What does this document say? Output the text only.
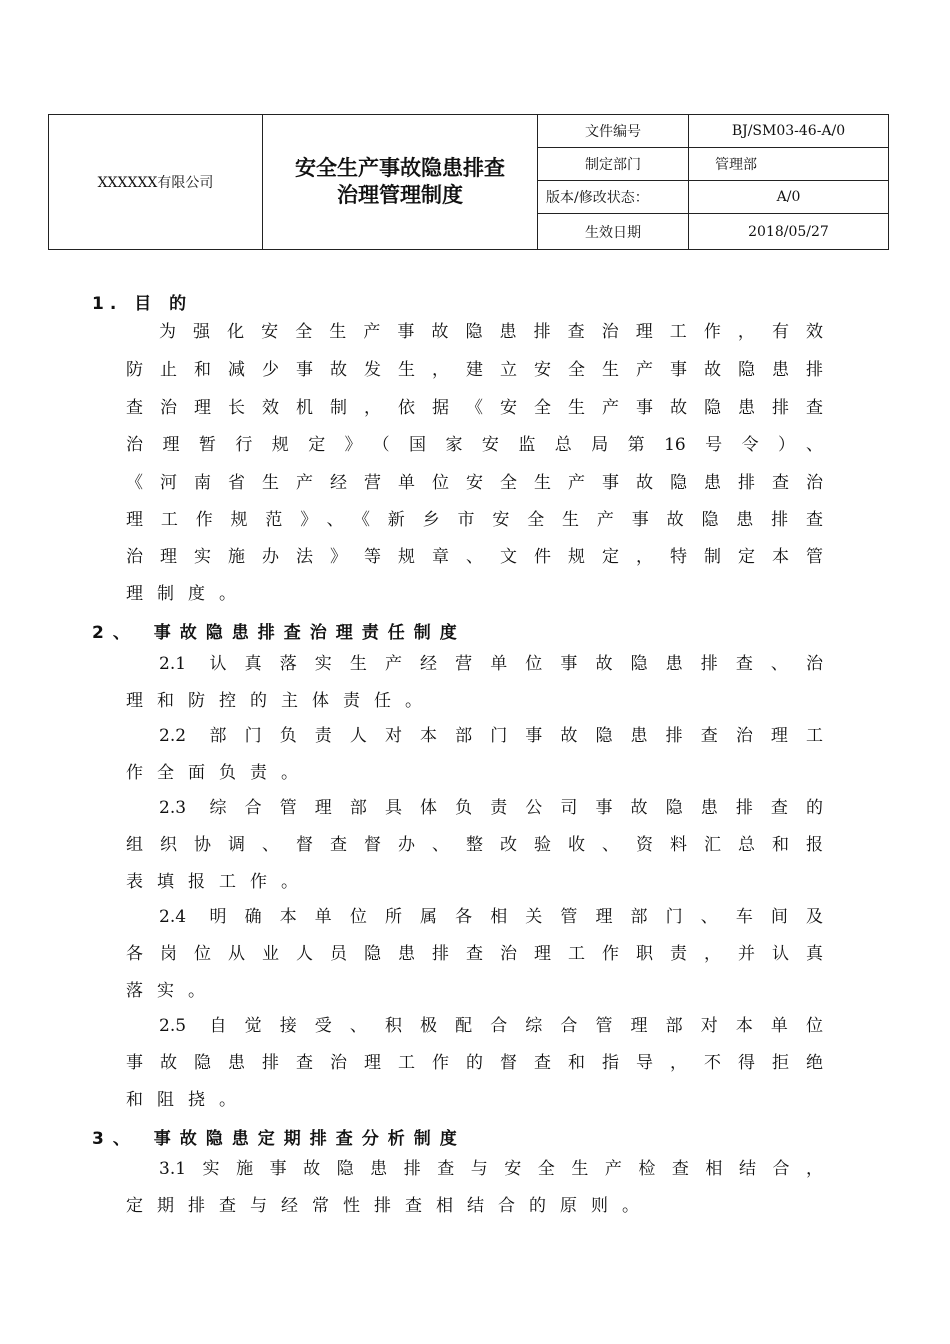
XXXXXX有限公司
安全生产事故隐患排查
治理管理制度
文件编号	BJ/SM03-46-A/0
制定部门	管理部
版本/修改状态：	A/0
生效日期	2018/05/27
1. 目 的
为强化安全生产事故隐患排查治理工作，有效
防止和减少事故发生，建立安全生产事故隐患排
查治理长效机制，依据《安全生产事故隐患排查
治理暂行规定》（国家安监总局第16号令）、
《河南省生产经营单位安全生产事故隐患排查治
理工作规范》、《新乡市安全生产事故隐患排查
治理实施办法》等规章、文件规定，特制定本管
理制度。
2、 事故隐患排查治理责任制度
2.1 认真落实生产经营单位事故隐患排查、治
理和防控的主体责任。
2.2 部门负责人对本部门事故隐患排查治理工
作全面负责。
2.3 综合管理部具体负责公司事故隐患排查的
组织协调、督查督办、整改验收、资料汇总和报
表填报工作。
2.4 明确本单位所属各相关管理部门、车间及
各岗位从业人员隐患排查治理工作职责，并认真
落实。
2.5 自觉接受、积极配合综合管理部对本单位
事故隐患排查治理工作的督查和指导，不得拒绝
和阻挠。
3、 事故隐患定期排查分析制度
3.1实施事故隐患排查与安全生产检查相结合，
定期排查与经常性排查相结合的原则。
